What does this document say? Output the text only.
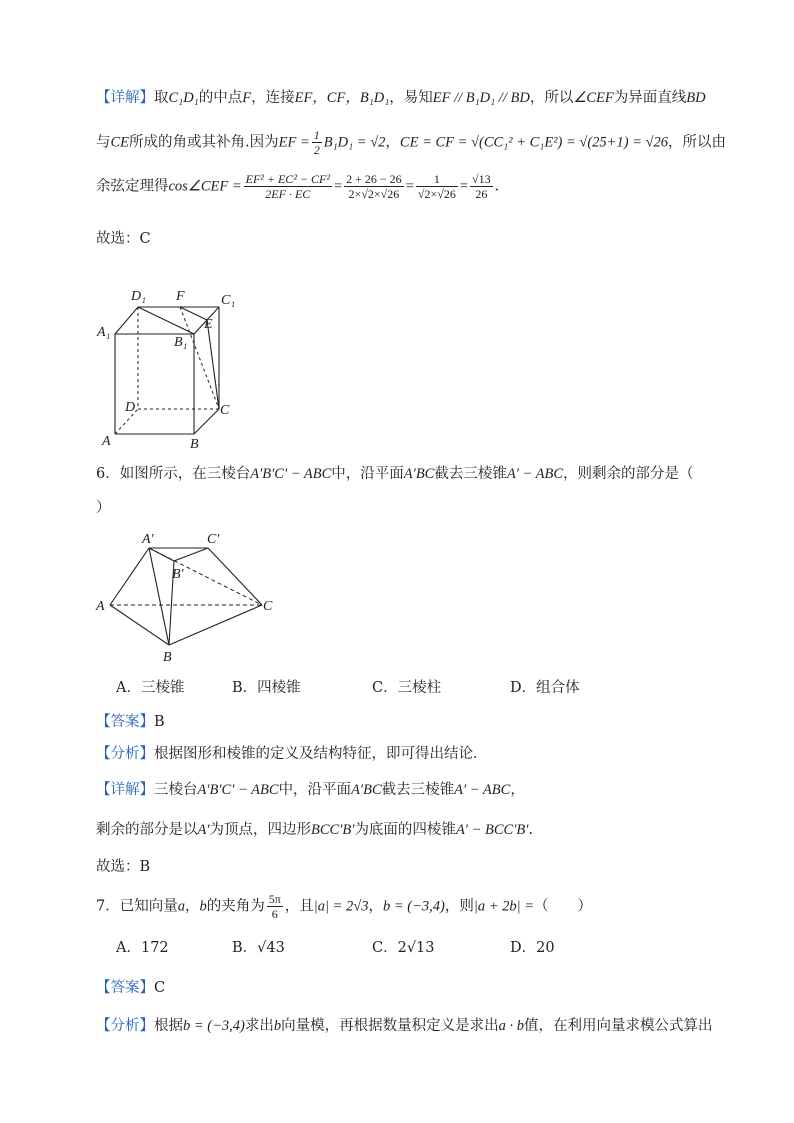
【详解】取C₁D₁的中点F，连接EF，CF，B₁D₁，易知EF // B₁D₁ // BD，所以∠CEF为异面直线BD
与CE所成的角或其补角.因为EF = $\frac{1}{2} B_1D_1 = √2$，CE = CF = √(CC₁² + C₁E²) = √(25+1) = √26，所以由
余弦定理得cos∠CEF = $\frac{\text{EF² + EC² − CF²}}{2EF \cdot EC} = \frac{2 + 26 - 26}{2\times√2\times√26} = \frac{1}{√2\times√26} = \frac{√13}{26}$ .
故选：C
A₁
D₁ F	C₁
E
B₁
D	C
A	B
6．如图所示，在三棱台A′B′C′ − ABC中，沿平面A′BC截去三棱锥A′ − ABC，则剩余的部分是（
）
A′	C′
B′
A	C
B
A．三棱锥	B．四棱锥	C．三棱柱	D．组合体
【答案】B
【分析】根据图形和棱锥的定义及结构特征，即可得出结论．
【详解】三棱台A′B′C′ − ABC中，沿平面A′BC截去三棱锥A′ − ABC，
剩余的部分是以A′为顶点，四边形BCC′B′为底面的四棱锥A′ − BCC′B′.
故选：B
7．已知向量a，b的夹角为 $\frac{5\pi}{6}$ ，且|a| = 2√3，b = (−3,4)，则|a + 2b| =（　　）
A．172	B．√43	C．2√13	D．20
【答案】C
【分析】根据b = (−3,4)求出b向量模，再根据数量积定义是求出a · b值，在利用向量求模公式算出
